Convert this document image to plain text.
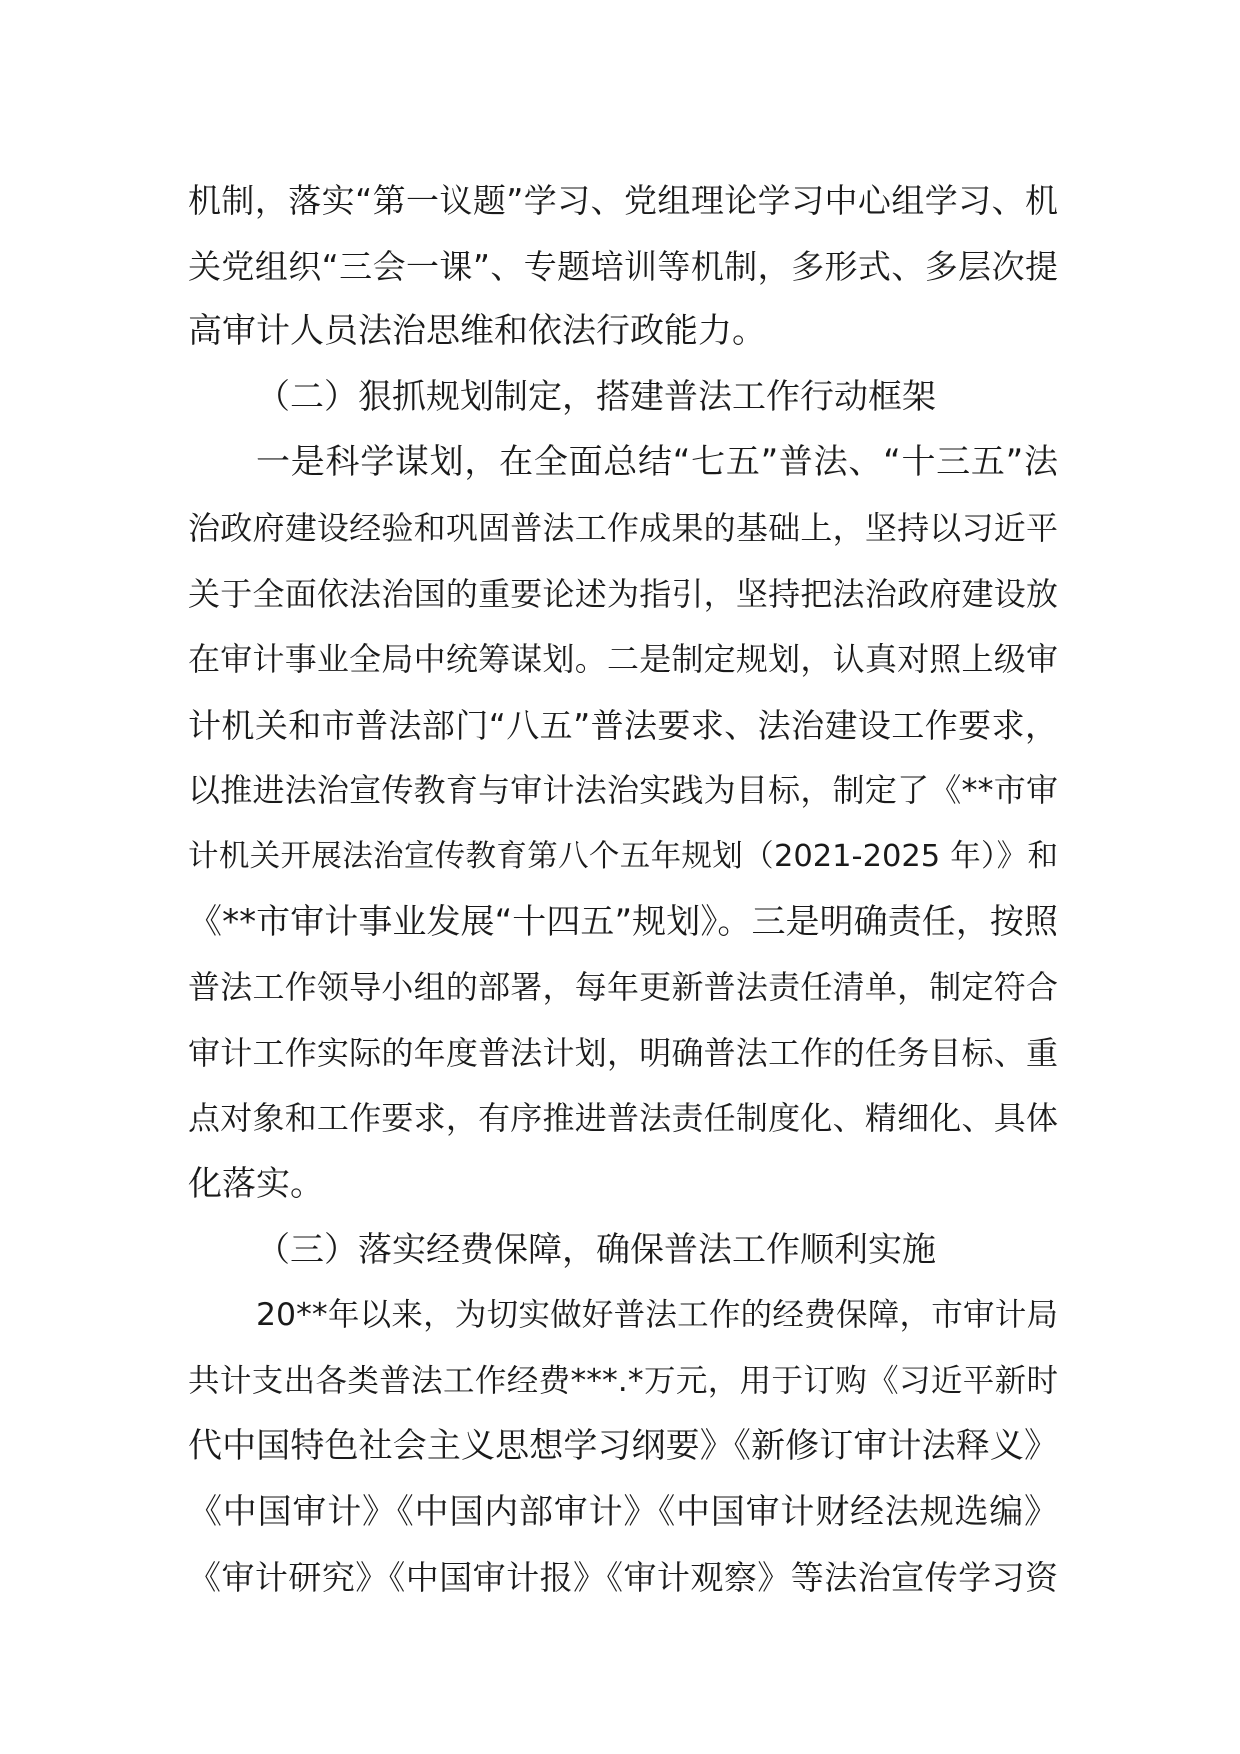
机制，落实“第一议题”学习、党组理论学习中心组学习、机
关党组织“三会一课”、专题培训等机制，多形式、多层次提
高审计人员法治思维和依法行政能力。
（二）狠抓规划制定，搭建普法工作行动框架
一是科学谋划，在全面总结“七五”普法、“十三五”法
治政府建设经验和巩固普法工作成果的基础上，坚持以习近平
关于全面依法治国的重要论述为指引，坚持把法治政府建设放
在审计事业全局中统筹谋划。二是制定规划，认真对照上级审
计机关和市普法部门“八五”普法要求、法治建设工作要求，
以推进法治宣传教育与审计法治实践为目标，制定了《**市审
计机关开展法治宣传教育第八个五年规划（2021-2025 年）》和
《**市审计事业发展“十四五”规划》。三是明确责任，按照
普法工作领导小组的部署，每年更新普法责任清单，制定符合
审计工作实际的年度普法计划，明确普法工作的任务目标、重
点对象和工作要求，有序推进普法责任制度化、精细化、具体
化落实。
（三）落实经费保障，确保普法工作顺利实施
20**年以来，为切实做好普法工作的经费保障，市审计局
共计支出各类普法工作经费***.*万元，用于订购《习近平新时
代中国特色社会主义思想学习纲要》《新修订审计法释义》
《中国审计》《中国内部审计》《中国审计财经法规选编》
《审计研究》《中国审计报》《审计观察》等法治宣传学习资
